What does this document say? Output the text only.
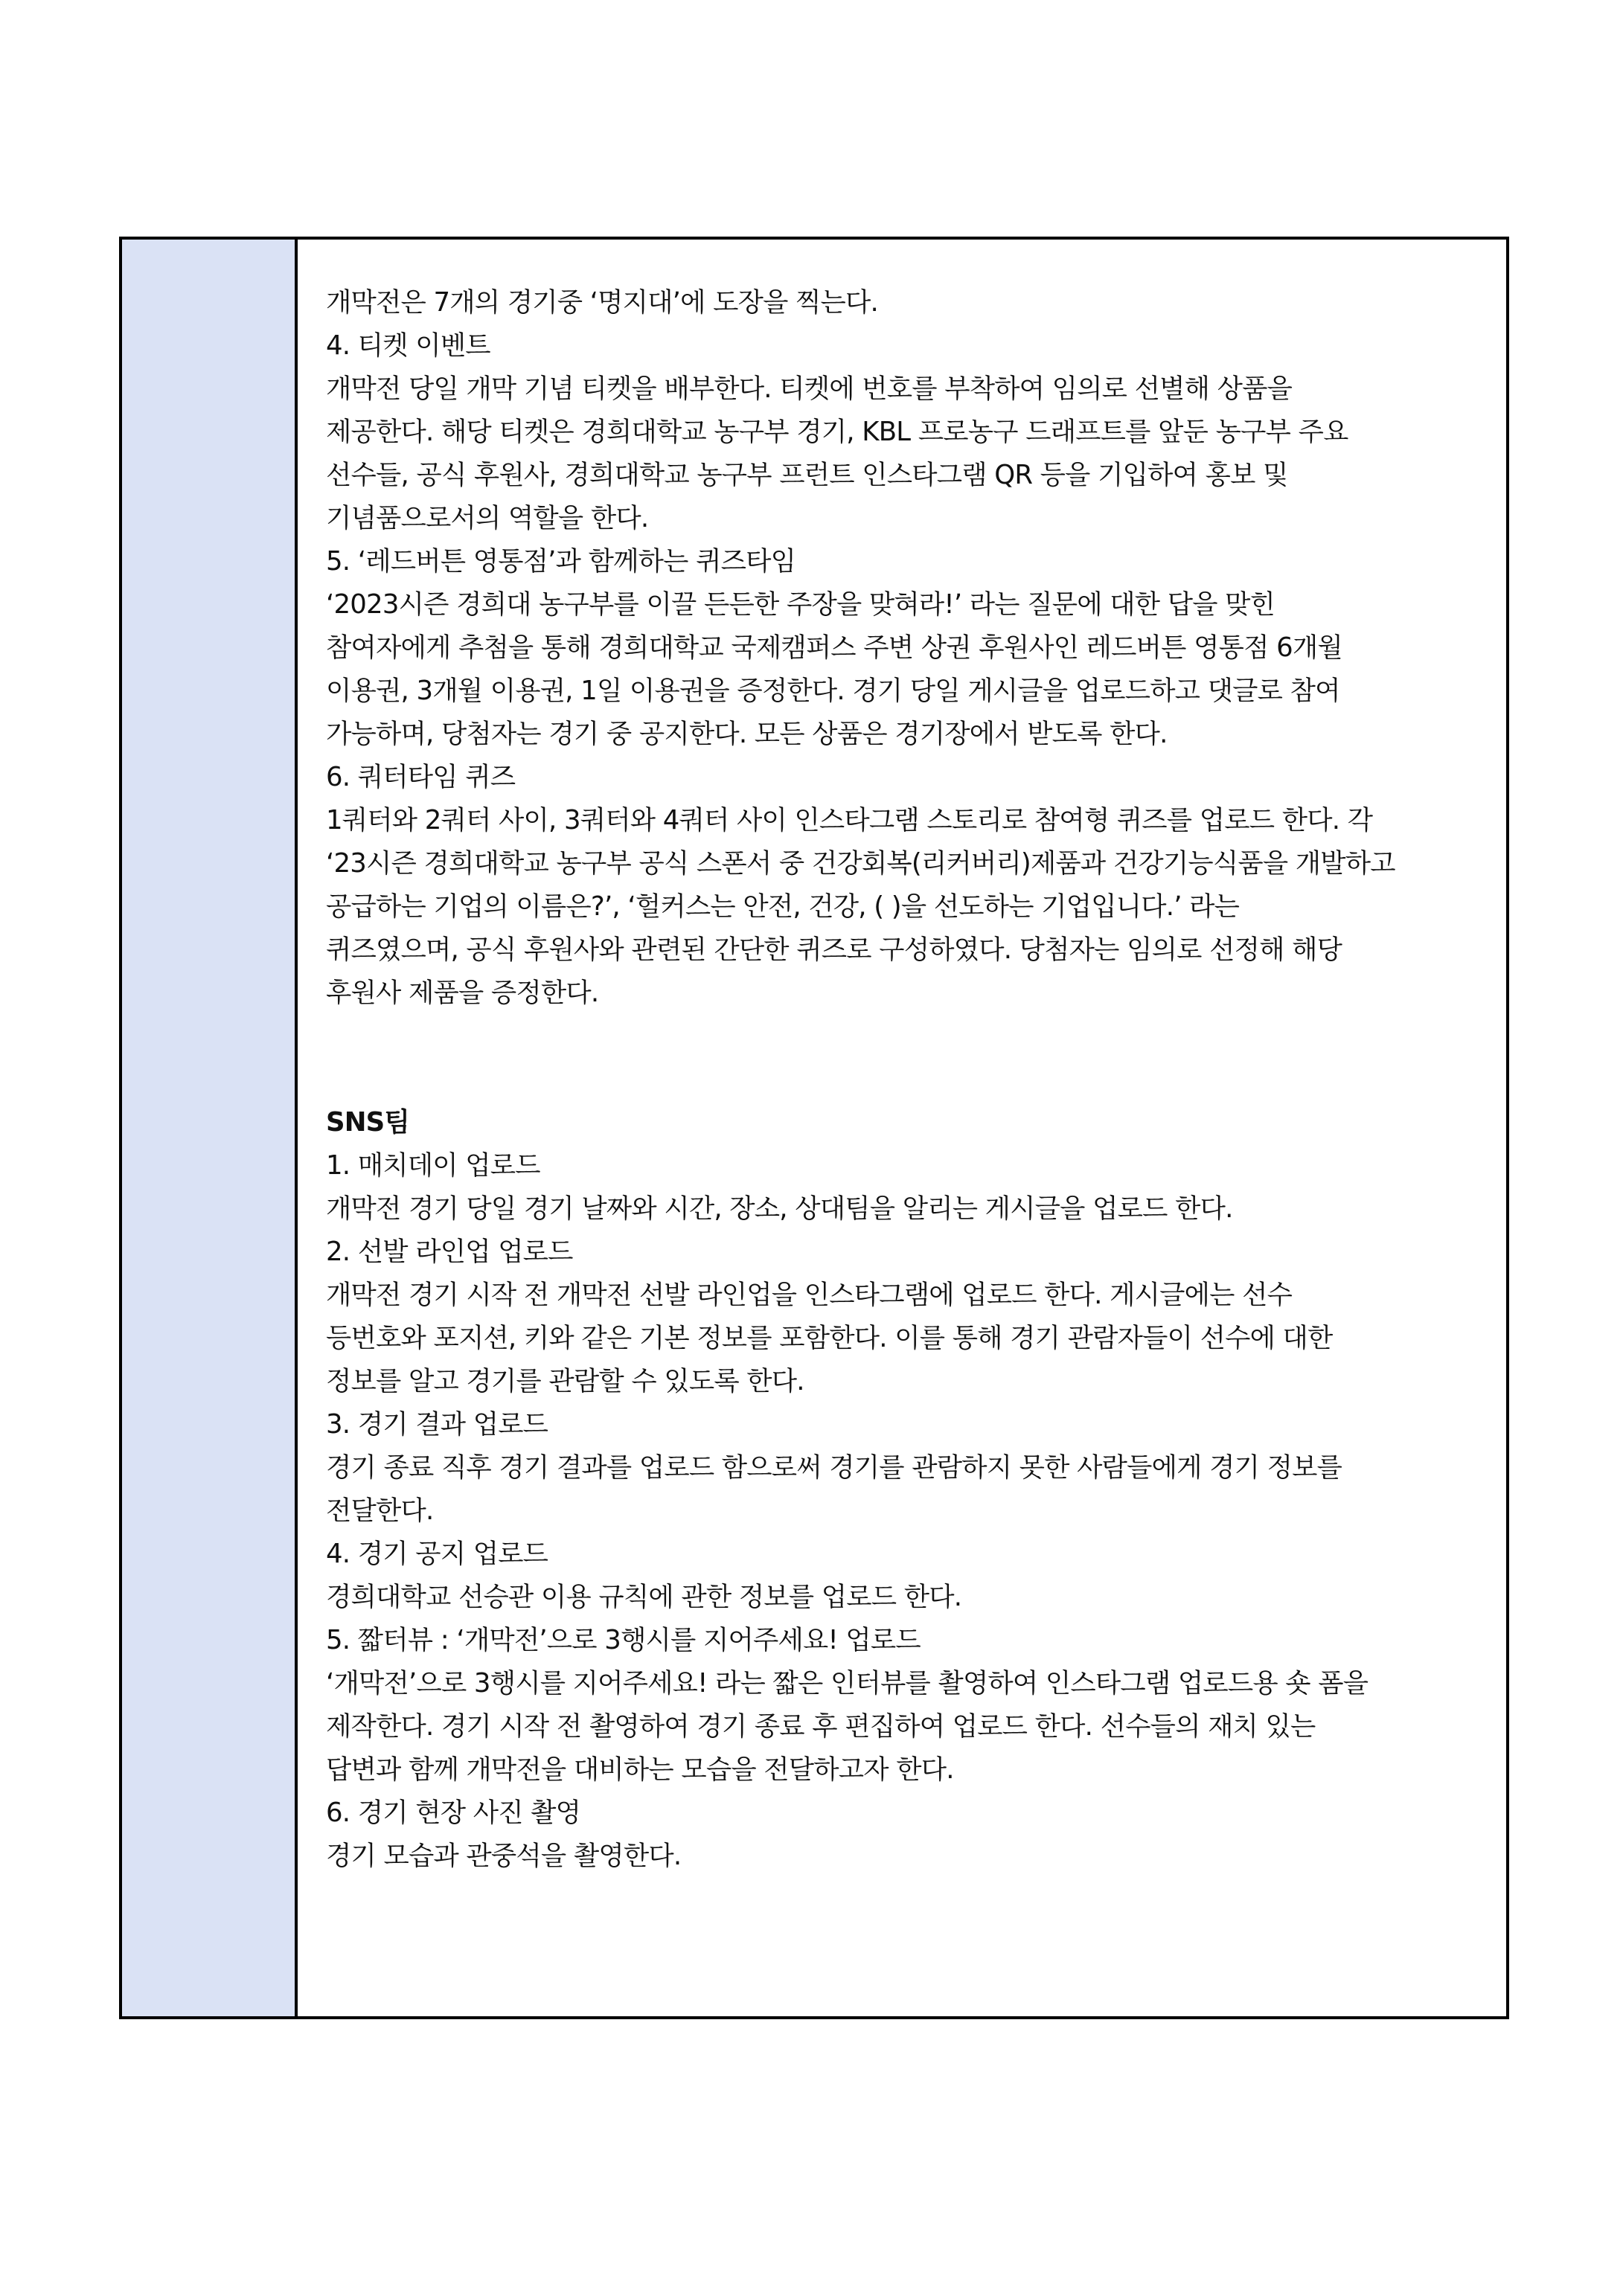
개막전은 7개의 경기중 ‘명지대’에 도장을 찍는다.
4. 티켓 이벤트
개막전 당일 개막 기념 티켓을 배부한다. 티켓에 번호를 부착하여 임의로 선별해 상품을
제공한다. 해당 티켓은 경희대학교 농구부 경기, KBL 프로농구 드래프트를 앞둔 농구부 주요
선수들, 공식 후원사, 경희대학교 농구부 프런트 인스타그램 QR 등을 기입하여 홍보 및
기념품으로서의 역할을 한다.
5. ‘레드버튼 영통점’과 함께하는 퀴즈타임
‘2023시즌 경희대 농구부를 이끌 든든한 주장을 맞혀라!’ 라는 질문에 대한 답을 맞힌
참여자에게 추첨을 통해 경희대학교 국제캠퍼스 주변 상권 후원사인 레드버튼 영통점 6개월
이용권, 3개월 이용권, 1일 이용권을 증정한다. 경기 당일 게시글을 업로드하고 댓글로 참여
가능하며, 당첨자는 경기 중 공지한다. 모든 상품은 경기장에서 받도록 한다.
6. 쿼터타임 퀴즈
1쿼터와 2쿼터 사이, 3쿼터와 4쿼터 사이 인스타그램 스토리로 참여형 퀴즈를 업로드 한다. 각
‘23시즌 경희대학교 농구부 공식 스폰서 중 건강회복(리커버리)제품과 건강기능식품을 개발하고
공급하는 기업의 이름은?’, ‘헐커스는 안전, 건강, ( )을 선도하는 기업입니다.’ 라는
퀴즈였으며, 공식 후원사와 관련된 간단한 퀴즈로 구성하였다. 당첨자는 임의로 선정해 해당
후원사 제품을 증정한다.
SNS팀
1. 매치데이 업로드
개막전 경기 당일 경기 날짜와 시간, 장소, 상대팀을 알리는 게시글을 업로드 한다.
2. 선발 라인업 업로드
개막전 경기 시작 전 개막전 선발 라인업을 인스타그램에 업로드 한다. 게시글에는 선수
등번호와 포지션, 키와 같은 기본 정보를 포함한다. 이를 통해 경기 관람자들이 선수에 대한
정보를 알고 경기를 관람할 수 있도록 한다.
3. 경기 결과 업로드
경기 종료 직후 경기 결과를 업로드 함으로써 경기를 관람하지 못한 사람들에게 경기 정보를
전달한다.
4. 경기 공지 업로드
경희대학교 선승관 이용 규칙에 관한 정보를 업로드 한다.
5. 짧터뷰 : ‘개막전’으로 3행시를 지어주세요! 업로드
‘개막전’으로 3행시를 지어주세요! 라는 짧은 인터뷰를 촬영하여 인스타그램 업로드용 숏 폼을
제작한다. 경기 시작 전 촬영하여 경기 종료 후 편집하여 업로드 한다. 선수들의 재치 있는
답변과 함께 개막전을 대비하는 모습을 전달하고자 한다.
6. 경기 현장 사진 촬영
경기 모습과 관중석을 촬영한다.
